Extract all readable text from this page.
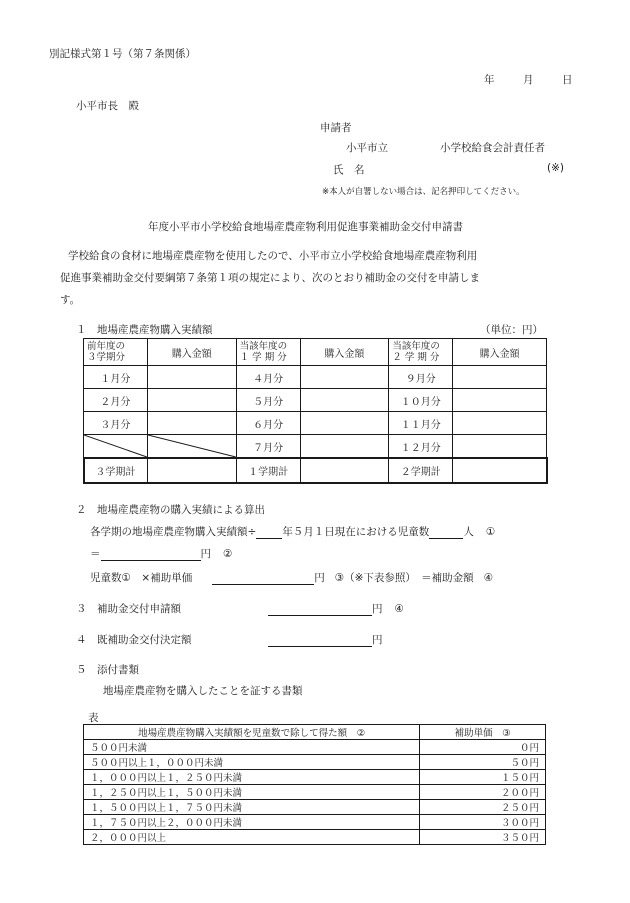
別記様式第１号（第７条関係）
年	月	日
小平市長　殿
申請者
小平市立	小学校給食会計責任者
氏　名	(※)
※本人が自署しない場合は、記名押印してください。
年度小平市小学校給食地場産農産物利用促進事業補助金交付申請書
学校給食の食材に地場産農産物を使用したので、小平市立小学校給食地場産農産物利用
促進事業補助金交付要綱第７条第１項の規定により、次のとおり補助金の交付を申請しま
す。
１　地場産農産物購入実績額	（単位：円）
前年度の
３学期分	購入金額	当該年度の
１ 学 期 分	購入金額	当該年度の
２ 学 期 分	購入金額
１月分		４月分		９月分	
２月分		５月分		１０月分	
３月分		６月分		１１月分	

	７月分		１２月分	
３学期計		１学期計		２学期計	
２　地場産農産物の購入実績による算出
各学期の地場産農産物購入実績額÷ 年５月１日現在における児童数	人 ①
＝	円 ②
児童数①　×補助単価	円 ③（※下表参照）　＝補助金額 ④
３　補助金交付申請額	円 ④
４　既補助金交付決定額	円
５　添付書類
地場産農産物を購入したことを証する書類
表
地場産農産物購入実績額を児童数で除して得た額　②	補助単価　③
５００円未満	０円
５００円以上１，０００円未満	５０円
１，０００円以上１，２５０円未満	１５０円
１，２５０円以上１，５００円未満	２００円
１，５００円以上１，７５０円未満	２５０円
１，７５０円以上２，０００円未満	３００円
２，０００円以上	３５０円
